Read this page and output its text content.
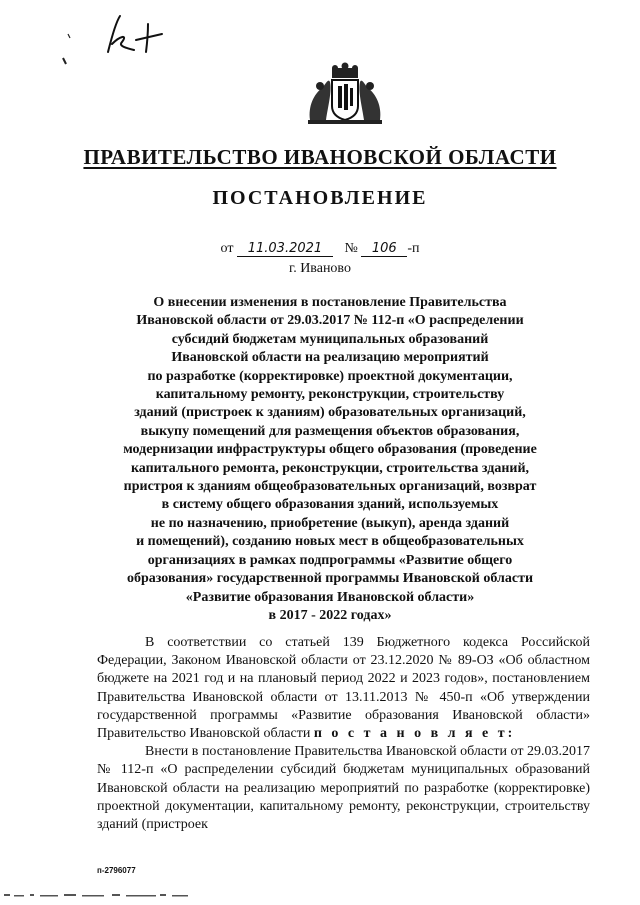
ПРАВИТЕЛЬСТВО ИВАНОВСКОЙ ОБЛАСТИ
ПОСТАНОВЛЕНИЕ
от 11.03.2021 № 106 -п
г. Иваново
О внесении изменения в постановление Правительства
Ивановской области от 29.03.2017 № 112-п «О распределении
субсидий бюджетам муниципальных образований
Ивановской области на реализацию мероприятий
по разработке (корректировке) проектной документации,
капитальному ремонту, реконструкции, строительству
зданий (пристроек к зданиям) образовательных организаций,
выкупу помещений для размещения объектов образования,
модернизации инфраструктуры общего образования (проведение
капитального ремонта, реконструкции, строительства зданий,
пристроя к зданиям общеобразовательных организаций, возврат
в систему общего образования зданий, используемых
не по назначению, приобретение (выкуп), аренда зданий
и помещений), созданию новых мест в общеобразовательных
организациях в рамках подпрограммы «Развитие общего
образования» государственной программы Ивановской области
«Развитие образования Ивановской области»
в 2017 - 2022 годах»

В соответствии со статьей 139 Бюджетного кодекса Российской Федерации, Законом Ивановской области от 23.12.2020 № 89-ОЗ «Об областном бюджете на 2021 год и на плановый период 2022 и 2023 годов», постановлением Правительства Ивановской области от 13.11.2013 № 450-п «Об утверждении государственной программы «Развитие образования Ивановской области» Правительство Ивановской области п о с т а н о в л я е т:

Внести в постановление Правительства Ивановской области от 29.03.2017 № 112-п «О распределении субсидий бюджетам муниципальных образований Ивановской области на реализацию мероприятий по разработке (корректировке) проектной документации, капитальному ремонту, реконструкции, строительству зданий (пристроек

п-2796077
